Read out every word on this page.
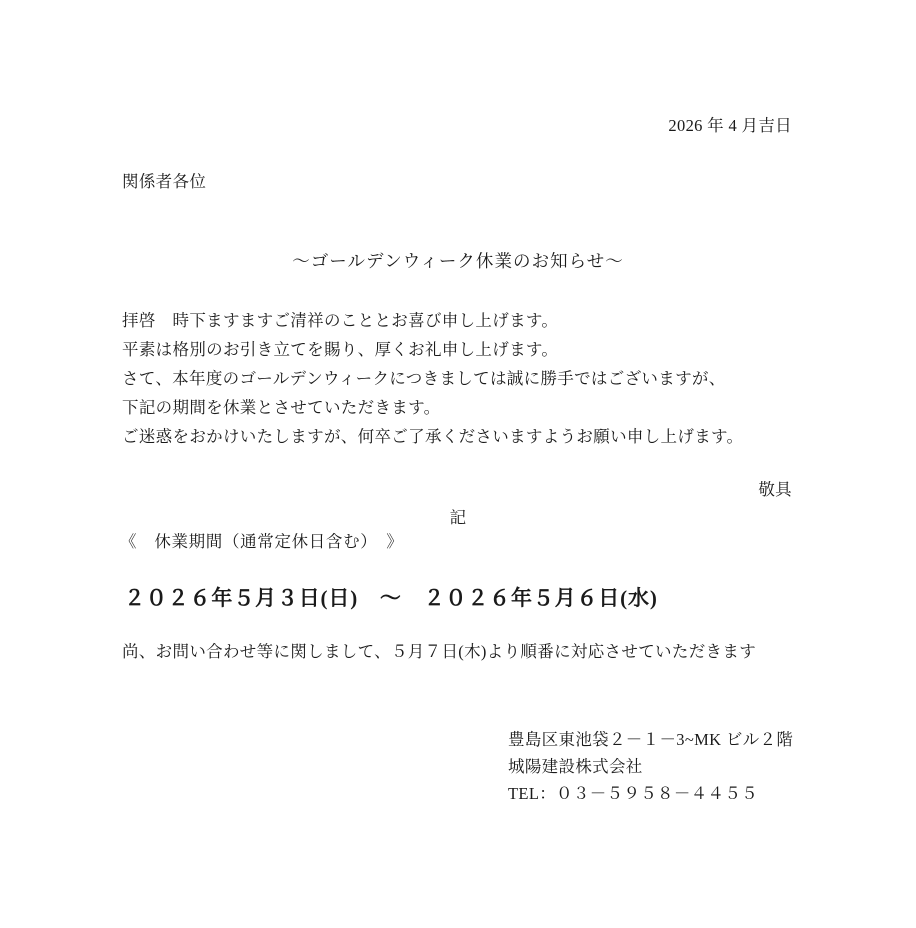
2026 年 4 月吉日
関係者各位
～ゴールデンウィーク休業のお知らせ～
拝啓　時下ますますご清祥のこととお喜び申し上げます。
平素は格別のお引き立てを賜り、厚くお礼申し上げます。
さて、本年度のゴールデンウィークにつきましては誠に勝手ではございますが、
下記の期間を休業とさせていただきます。
ご迷惑をおかけいたしますが、何卒ご了承くださいますようお願い申し上げます。
敬具
記
《　休業期間（通常定休日含む）　》
２０２６年５月３日(日)　〜　２０２６年５月６日(水)
尚、お問い合わせ等に関しまして、５月７日(木)より順番に対応させていただきます
豊島区東池袋２－１－3~MK ビル２階
城陽建設株式会社
TEL：０３－５９５８－４４５５
